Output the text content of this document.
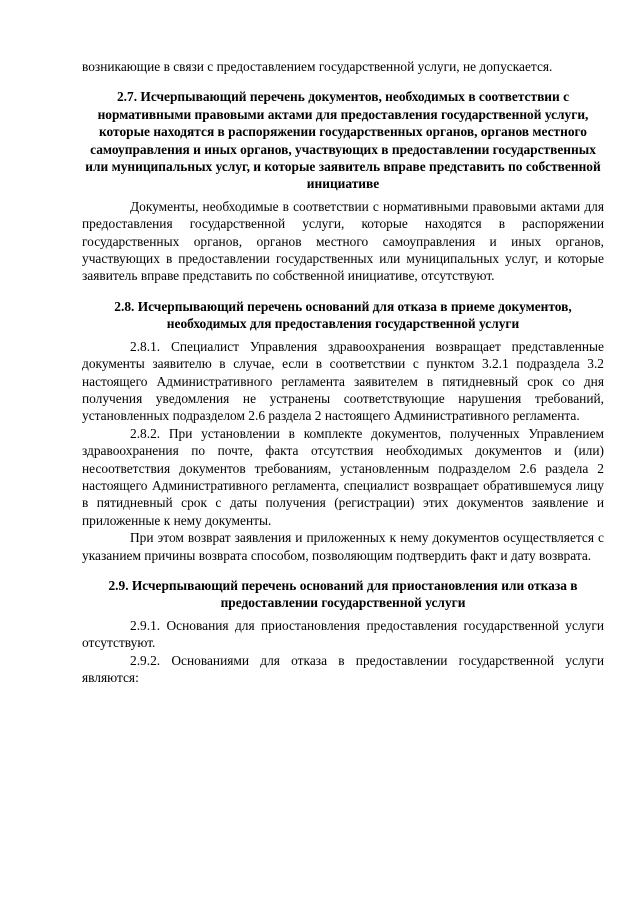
возникающие в связи с предоставлением государственной услуги, не допускается.

2.7. Исчерпывающий перечень документов, необходимых в соответствии с нормативными правовыми актами для предоставления государственной услуги, которые находятся в распоряжении государственных органов, органов местного самоуправления и иных органов, участвующих в предоставлении государственных или муниципальных услуг, и которые заявитель вправе представить по собственной инициативе

Документы, необходимые в соответствии с нормативными правовыми актами для предоставления государственной услуги, которые находятся в распоряжении государственных органов, органов местного самоуправления и иных органов, участвующих в предоставлении государственных или муниципальных услуг, и которые заявитель вправе представить по собственной инициативе, отсутствуют.

2.8. Исчерпывающий перечень оснований для отказа в приеме документов, необходимых для предоставления государственной услуги

2.8.1. Специалист Управления здравоохранения возвращает представленные документы заявителю в случае, если в соответствии с пунктом 3.2.1 подраздела 3.2 настоящего Административного регламента заявителем в пятидневный срок со дня получения уведомления не устранены соответствующие нарушения требований, установленных подразделом 2.6 раздела 2 настоящего Административного регламента.

2.8.2. При установлении в комплекте документов, полученных Управлением здравоохранения по почте, факта отсутствия необходимых документов и (или) несоответствия документов требованиям, установленным подразделом 2.6 раздела 2 настоящего Административного регламента, специалист возвращает обратившемуся лицу в пятидневный срок с даты получения (регистрации) этих документов заявление и приложенные к нему документы.

При этом возврат заявления и приложенных к нему документов осуществляется с указанием причины возврата способом, позволяющим подтвердить факт и дату возврата.

2.9. Исчерпывающий перечень оснований для приостановления или отказа в предоставлении государственной услуги

2.9.1. Основания для приостановления предоставления государственной услуги отсутствуют.

2.9.2. Основаниями для отказа в предоставлении государственной услуги являются:
